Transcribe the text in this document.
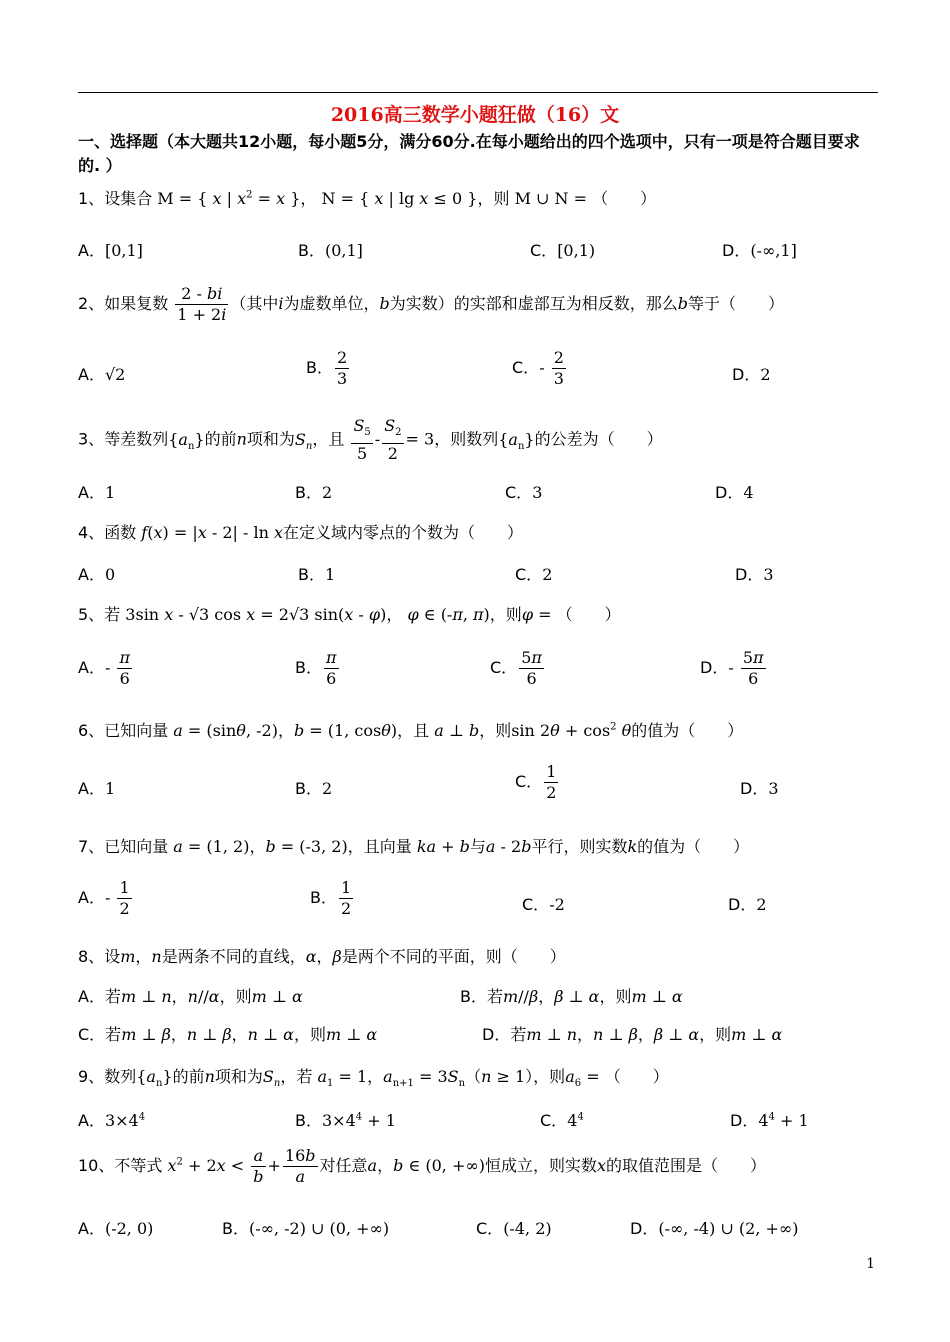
2016高三数学小题狂做（16）文
一、选择题（本大题共12小题，每小题5分，满分60分.在每小题给出的四个选项中，只有一项是符合题目要求的. ）
1、设集合 M = { x | $x^2 = x$ }， N = { x | lg x ≤ 0 }，则 M ∪ N = （　　）
A．[0,1]	B．(0,1]	C．[0,1)	D．(-∞,1]
2、如果复数 $\frac{2 - bi}{1 + 2i}$ （其中i为虚数单位，b为实数）的实部和虚部互为相反数，那么b等于（　　）
A．√2	B． $\frac{2}{3}$	C．- $\frac{2}{3}$	D．2
3、等差数列$\{a_n\}$的前n项和为$S_n$，且 $\frac{S_5}{5} - \frac{S_2}{2} = 3$，则数列$\{a_n\}$的公差为（　　）
A．1	B．2	C．3	D．4
4、函数 f(x) = |x - 2| - ln x在定义域内零点的个数为（　　）
A．0	B．1	C．2	D．3
5、若 3sin x - √3 cos x = 2√3 sin(x - φ)， φ ∈ (-π, π)，则φ = （　　）
A．- $\frac{\pi}{6}$	B． $\frac{\pi}{6}$	C． $\frac{5\pi}{6}$	D．- $\frac{5\pi}{6}$
6、已知向量 a = (sinθ, -2)，b = (1, cosθ)，且 a ⊥ b，则$\sin 2\theta + \cos^2 \theta$的值为（　　）
A．1	B．2	C． $\frac{1}{2}$	D．3
7、已知向量 a = (1, 2)，b = (-3, 2)，且向量 ka + b与a - 2b平行，则实数k的值为（　　）
A．- $\frac{1}{2}$	B． $\frac{1}{2}$	C．-2	D．2
8、设m，n是两条不同的直线，α，β是两个不同的平面，则（　　）
A．若m ⊥ n，n//α，则m ⊥ α	B．若m//β，β ⊥ α，则m ⊥ α
C．若m ⊥ β，n ⊥ β，n ⊥ α，则m ⊥ α	D．若m ⊥ n，n ⊥ β，β ⊥ α，则m ⊥ α
9、数列$\{a_n\}$的前n项和为$S_n$，若 $a_1 = 1$，$a_{n+1} = 3S_n(n \ge 1)$，则$a_6$ = （　　）
A．$3\times 4^4$	B．$3\times 4^4 + 1$	C．$4^4$	D．$4^4 + 1$
10、不等式 $x^2 + 2x < \frac{a}{b} + \frac{16b}{a}$ 对任意a，b ∈ (0, +∞)恒成立，则实数x的取值范围是（　　）
A．(-2, 0)	B．(-∞, -2) ∪ (0, +∞)	C．(-4, 2)	D．(-∞, -4) ∪ (2, +∞)
1
